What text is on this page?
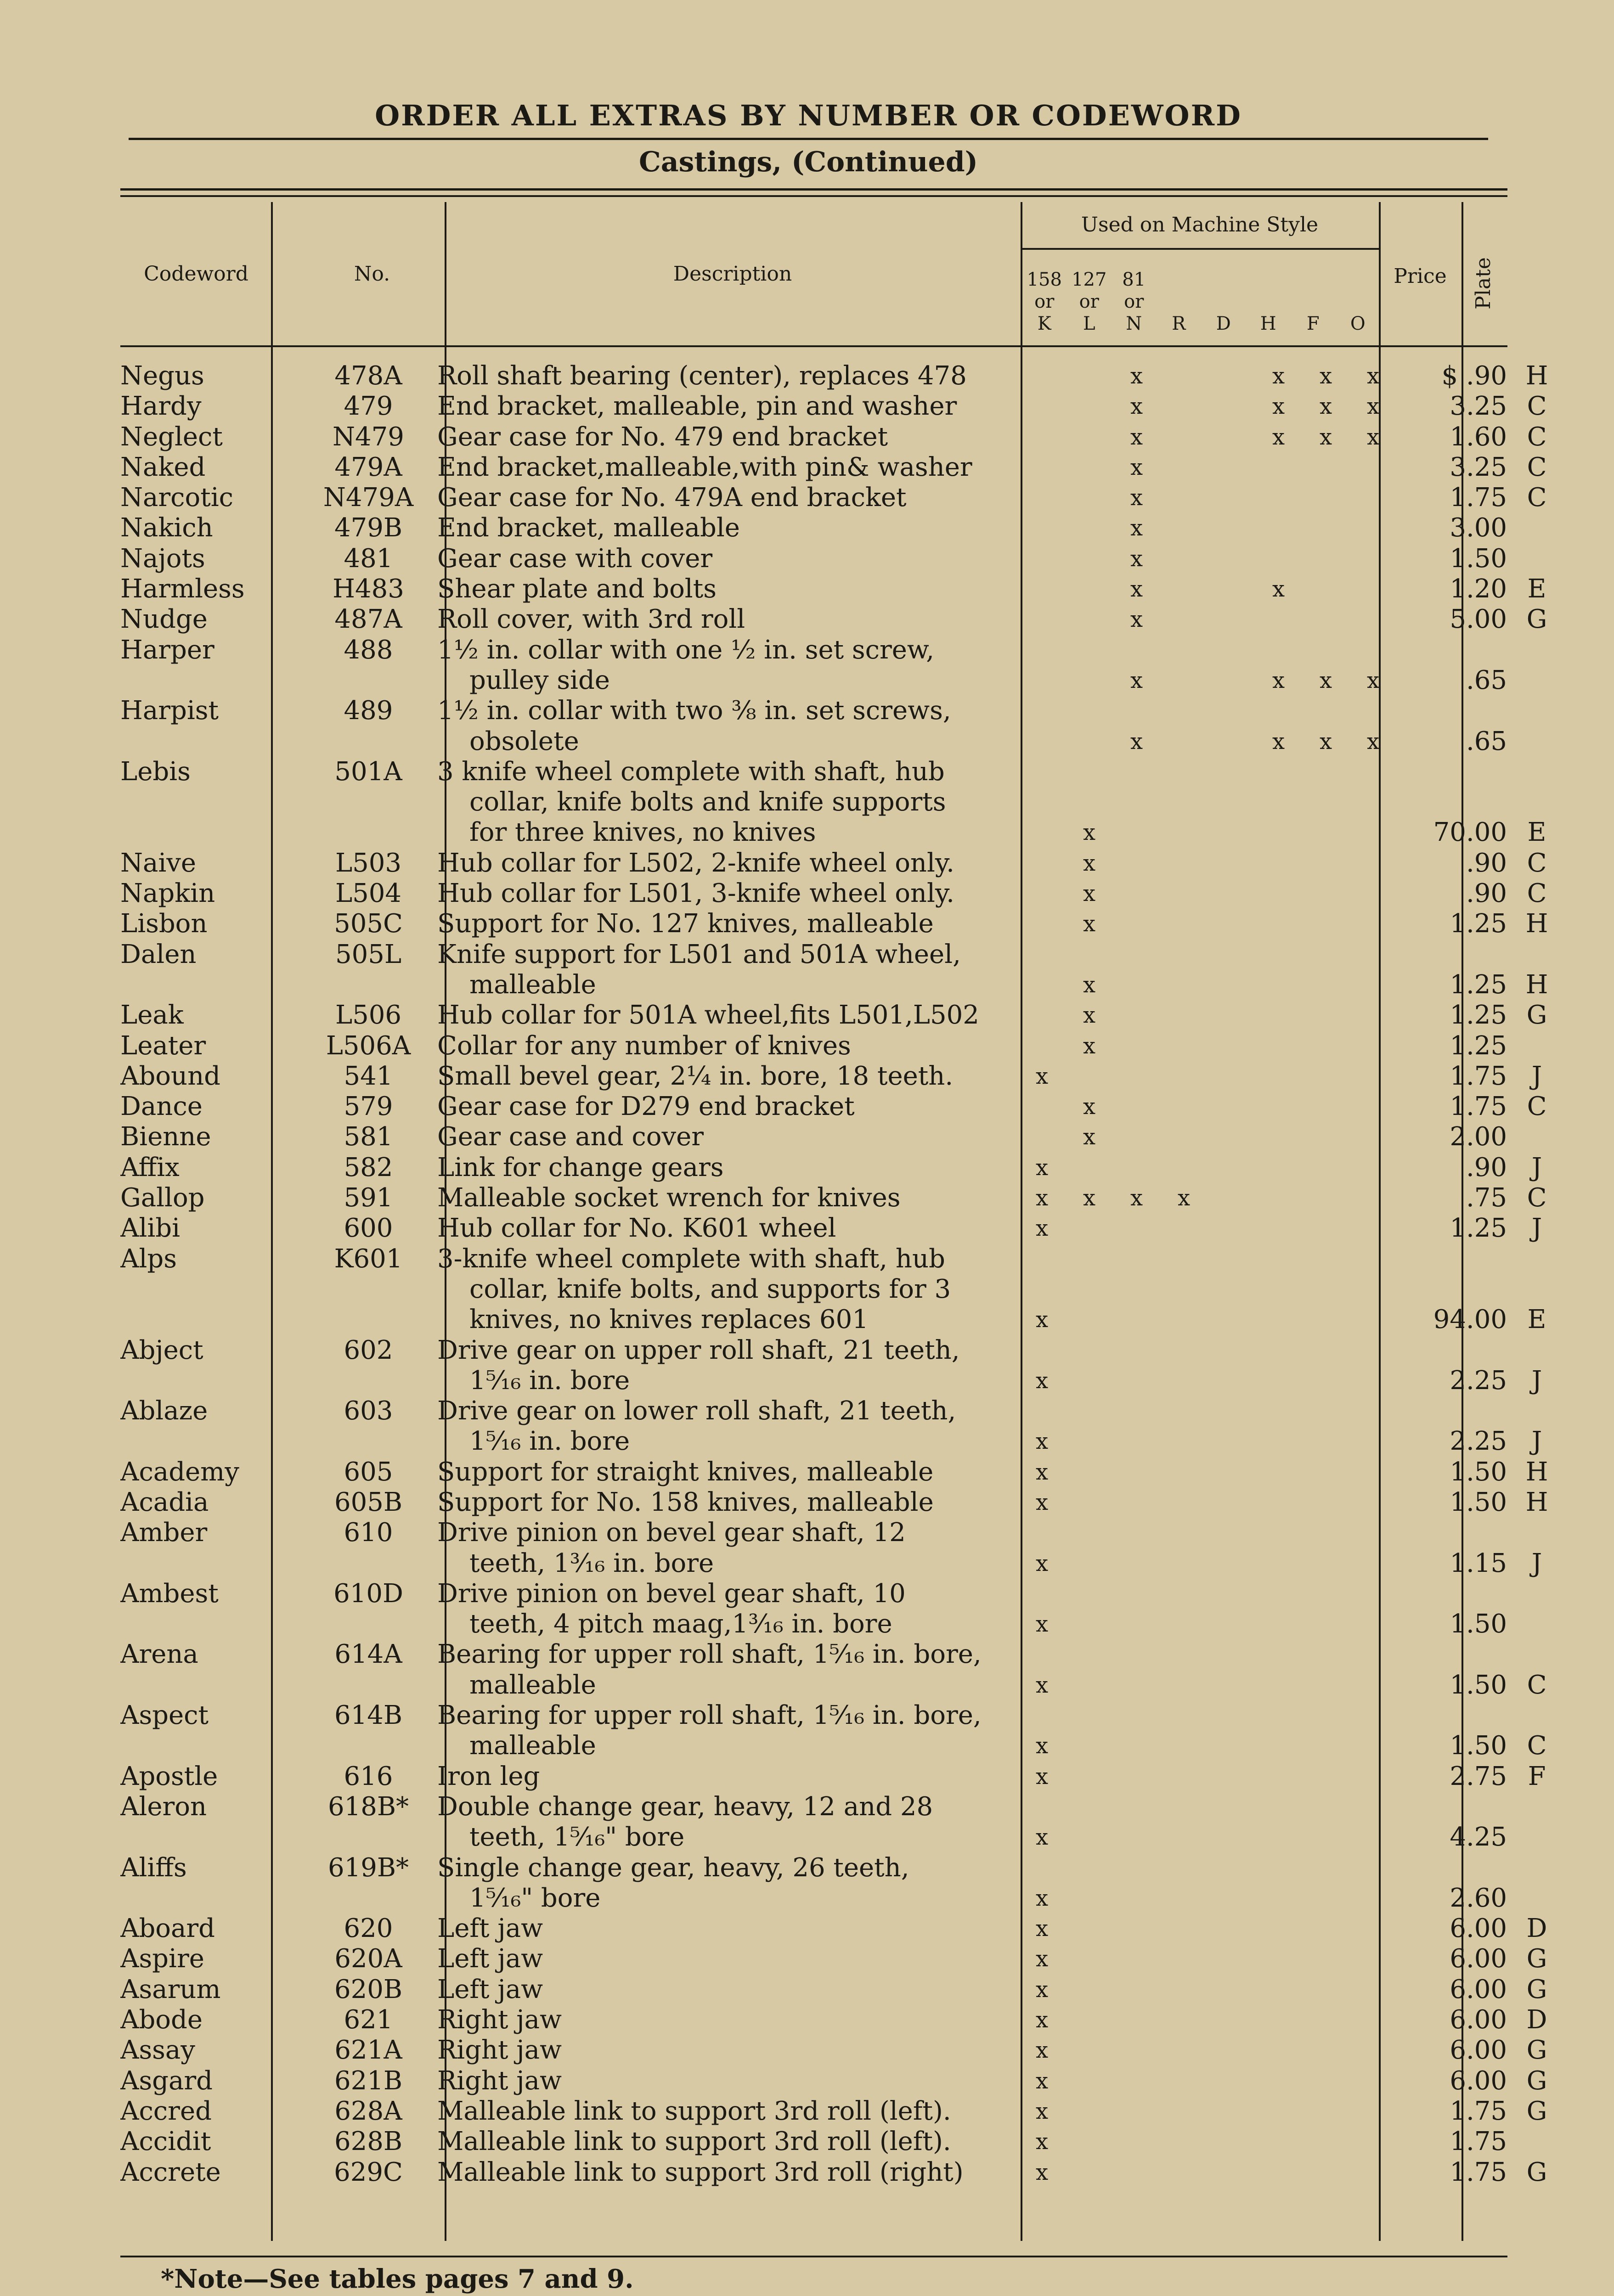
ORDER ALL EXTRAS BY NUMBER OR CODEWORD
Castings, (Continued)
Codeword	No.	Description
Used on Machine Style
Price	Plate
158
or
K
127
or
L
81
or
N	R	D	H	F	O
Negus	478A	Roll shaft bearing (center), replaces 478			x			x	x	x	$ .90	H
Hardy	479	End bracket, malleable, pin and washer			x			x	x	x	3.25	C
Neglect	N479	Gear case for No. 479 end bracket			x			x	x	x	1.60	C
Naked	479A	End bracket,malleable,with pin& washer			x						3.25	C
Narcotic	N479A	Gear case for No. 479A end bracket			x						1.75	C
Nakich	479B	End bracket, malleable			x						3.00	
Najots	481	Gear case with cover			x						1.50	
Harmless	H483	Shear plate and bolts			x			x			1.20	E
Nudge	487A	Roll cover, with 3rd roll			x						5.00	G
Harper	488	1½ in. collar with one ½ in. set screw,
pulley side			x			x	x	x	.65	
Harpist	489	1½ in. collar with two ⅜ in. set screws,
obsolete			x			x	x	x	.65	
Lebis	501A	3 knife wheel complete with shaft, hub
collar, knife bolts and knife supports
for three knives, no knives		x							70.00	E
Naive	L503	Hub collar for L502, 2-knife wheel only.		x							.90	C
Napkin	L504	Hub collar for L501, 3-knife wheel only.		x							.90	C
Lisbon	505C	Support for No. 127 knives, malleable		x							1.25	H
Dalen	505L	Knife support for L501 and 501A wheel,
malleable		x							1.25	H
Leak	L506	Hub collar for 501A wheel,fits L501,L502		x							1.25	G
Leater	L506A	Collar for any number of knives		x							1.25	
Abound	541	Small bevel gear, 2¼ in. bore, 18 teeth.	x								1.75	J
Dance	579	Gear case for D279 end bracket		x							1.75	C
Bienne	581	Gear case and cover		x							2.00	
Affix	582	Link for change gears	x								.90	J
Gallop	591	Malleable socket wrench for knives	x	x	x	x					.75	C
Alibi	600	Hub collar for No. K601 wheel	x								1.25	J
Alps	K601	3-knife wheel complete with shaft, hub
collar, knife bolts, and supports for 3
knives, no knives replaces 601	x								94.00	E
Abject	602	Drive gear on upper roll shaft, 21 teeth,
1⁵⁄₁₆ in. bore	x								2.25	J
Ablaze	603	Drive gear on lower roll shaft, 21 teeth,
1⁵⁄₁₆ in. bore	x								2.25	J
Academy	605	Support for straight knives, malleable	x								1.50	H
Acadia	605B	Support for No. 158 knives, malleable	x								1.50	H
Amber	610	Drive pinion on bevel gear shaft, 12
teeth, 1³⁄₁₆ in. bore	x								1.15	J
Ambest	610D	Drive pinion on bevel gear shaft, 10
teeth, 4 pitch maag,1³⁄₁₆ in. bore	x								1.50	
Arena	614A	Bearing for upper roll shaft, 1⁵⁄₁₆ in. bore,
malleable	x								1.50	C
Aspect	614B	Bearing for upper roll shaft, 1⁵⁄₁₆ in. bore,
malleable	x								1.50	C
Apostle	616	Iron leg	x								2.75	F
Aleron	618B*	Double change gear, heavy, 12 and 28
teeth, 1⁵⁄₁₆" bore	x								4.25	
Aliffs	619B*	Single change gear, heavy, 26 teeth,
1⁵⁄₁₆" bore	x								2.60	
Aboard	620	Left jaw	x								6.00	D
Aspire	620A	Left jaw	x								6.00	G
Asarum	620B	Left jaw	x								6.00	G
Abode	621	Right jaw	x								6.00	D
Assay	621A	Right jaw	x								6.00	G
Asgard	621B	Right jaw	x								6.00	G
Accred	628A	Malleable link to support 3rd roll (left).	x								1.75	G
Accidit	628B	Malleable link to support 3rd roll (left).	x								1.75	
Accrete	629C	Malleable link to support 3rd roll (right)	x								1.75	G
*Note—See tables pages 7 and 9.
